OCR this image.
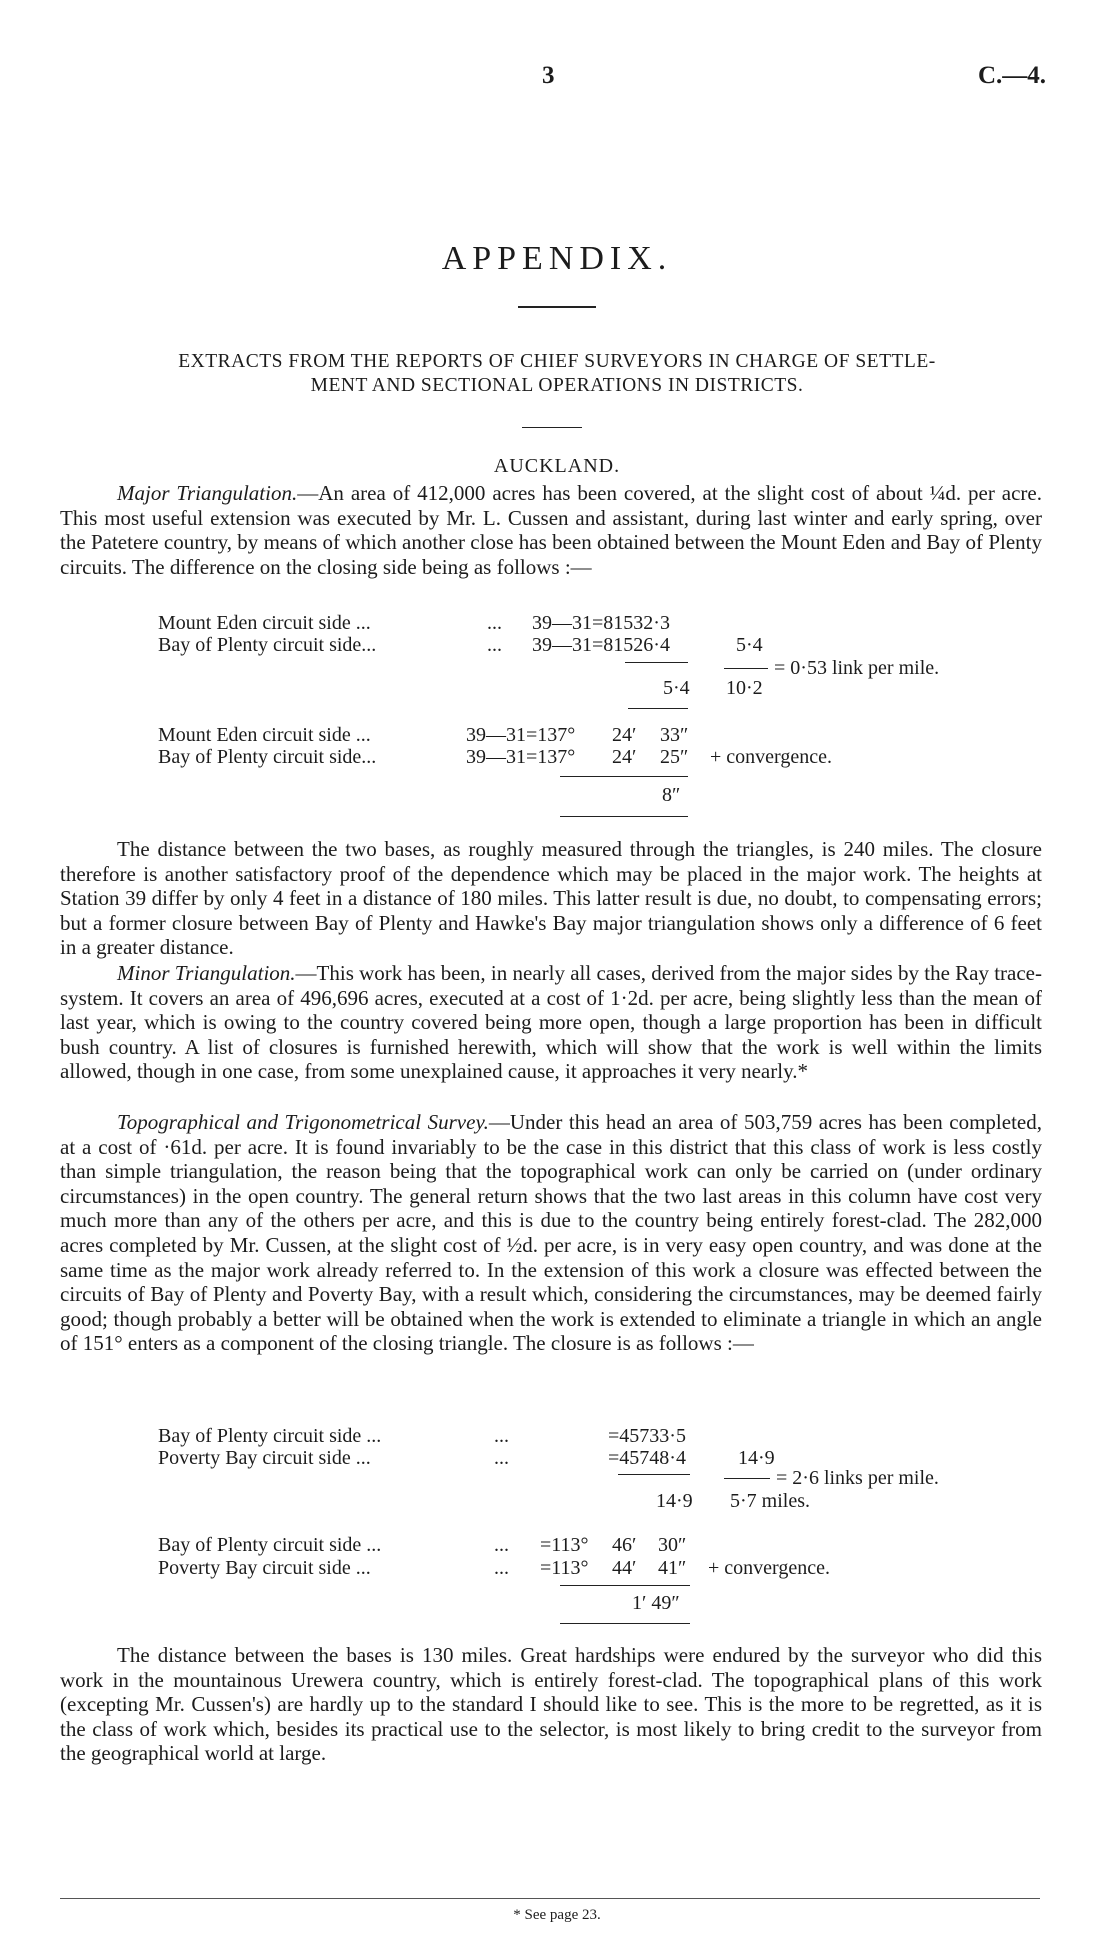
3	C.—4.
APPENDIX.
EXTRACTS FROM THE REPORTS OF CHIEF SURVEYORS IN CHARGE OF SETTLE-
MENT AND SECTIONAL OPERATIONS IN DISTRICTS.
AUCKLAND.
Major Triangulation.—An area of 412,000 acres has been covered, at the slight cost of about ¼d. per acre. This most useful extension was executed by Mr. L. Cussen and assistant, during last winter and early spring, over the Patetere country, by means of which another close has been obtained between the Mount Eden and Bay of Plenty circuits. The difference on the closing side being as follows :—
Mount Eden circuit side ...	... 39—31=81532·3
Bay of Plenty circuit side...	... 39—31=81526·4	5·4
= 0·53 link per mile.
5·4 10·2
Mount Eden circuit side ...	39—31=137° 24′ 33″
Bay of Plenty circuit side...	39—31=137° 24′ 25″ + convergence.
8″
The distance between the two bases, as roughly measured through the triangles, is 240 miles. The closure therefore is another satisfactory proof of the dependence which may be placed in the major work. The heights at Station 39 differ by only 4 feet in a distance of 180 miles. This latter result is due, no doubt, to compensating errors; but a former closure between Bay of Plenty and Hawke's Bay major triangulation shows only a difference of 6 feet in a greater distance.
Minor Triangulation.—This work has been, in nearly all cases, derived from the major sides by the Ray trace-system. It covers an area of 496,696 acres, executed at a cost of 1·2d. per acre, being slightly less than the mean of last year, which is owing to the country covered being more open, though a large proportion has been in difficult bush country. A list of closures is furnished herewith, which will show that the work is well within the limits allowed, though in one case, from some unexplained cause, it approaches it very nearly.*
Topographical and Trigonometrical Survey.—Under this head an area of 503,759 acres has been completed, at a cost of ·61d. per acre. It is found invariably to be the case in this district that this class of work is less costly than simple triangulation, the reason being that the topographical work can only be carried on (under ordinary circumstances) in the open country. The general return shows that the two last areas in this column have cost very much more than any of the others per acre, and this is due to the country being entirely forest-clad. The 282,000 acres completed by Mr. Cussen, at the slight cost of ½d. per acre, is in very easy open country, and was done at the same time as the major work already referred to. In the extension of this work a closure was effected between the circuits of Bay of Plenty and Poverty Bay, with a result which, considering the circumstances, may be deemed fairly good; though probably a better will be obtained when the work is extended to eliminate a triangle in which an angle of 151° enters as a component of the closing triangle. The closure is as follows :—
Bay of Plenty circuit side ...	...	=45733·5
Poverty Bay circuit side ...	...	=45748·4	14·9
= 2·6 links per mile.
14·9 5·7 miles.
Bay of Plenty circuit side ...	... =113° 46′ 30″
Poverty Bay circuit side ...	... =113° 44′ 41″ + convergence.
1′ 49″
The distance between the bases is 130 miles. Great hardships were endured by the surveyor who did this work in the mountainous Urewera country, which is entirely forest-clad. The topographical plans of this work (excepting Mr. Cussen's) are hardly up to the standard I should like to see. This is the more to be regretted, as it is the class of work which, besides its practical use to the selector, is most likely to bring credit to the surveyor from the geographical world at large.
* See page 23.
